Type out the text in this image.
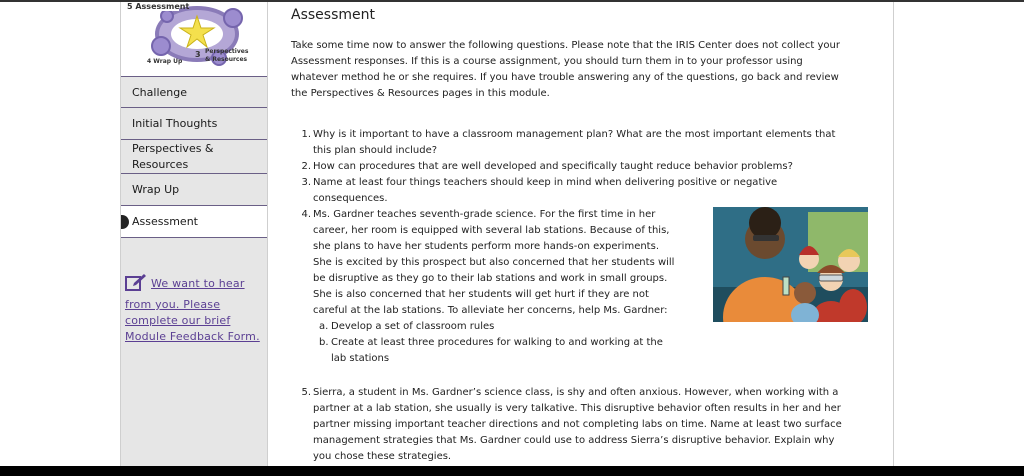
5 Assessment
4 Wrap Up
3 Perspectives
& Resources
Challenge
Initial Thoughts
Perspectives &
Resources
Wrap Up
Assessment
We want to hear
from you. Please
complete our brief
Module Feedback Form.
Assessment
Take some time now to answer the following questions. Please note that the IRIS Center does not collect your
Assessment responses. If this is a course assignment, you should turn them in to your professor using
whatever method he or she requires. If you have trouble answering any of the questions, go back and review
the Perspectives & Resources pages in this module.
1. Why is it important to have a classroom management plan? What are the most important elements that
this plan should include?
2. How can procedures that are well developed and specifically taught reduce behavior problems?
3. Name at least four things teachers should keep in mind when delivering positive or negative
consequences.
4. Ms. Gardner teaches seventh-grade science. For the first time in her
career, her room is equipped with several lab stations. Because of this,
she plans to have her students perform more hands-on experiments.
She is excited by this prospect but also concerned that her students will
be disruptive as they go to their lab stations and work in small groups.
She is also concerned that her students will get hurt if they are not
careful at the lab stations. To alleviate her concerns, help Ms. Gardner:
a. Develop a set of classroom rules
b. Create at least three procedures for walking to and working at the
lab stations
5. Sierra, a student in Ms. Gardner’s science class, is shy and often anxious. However, when working with a
partner at a lab station, she usually is very talkative. This disruptive behavior often results in her and her
partner missing important teacher directions and not completing labs on time. Name at least two surface
management strategies that Ms. Gardner could use to address Sierra’s disruptive behavior. Explain why
you chose these strategies.
